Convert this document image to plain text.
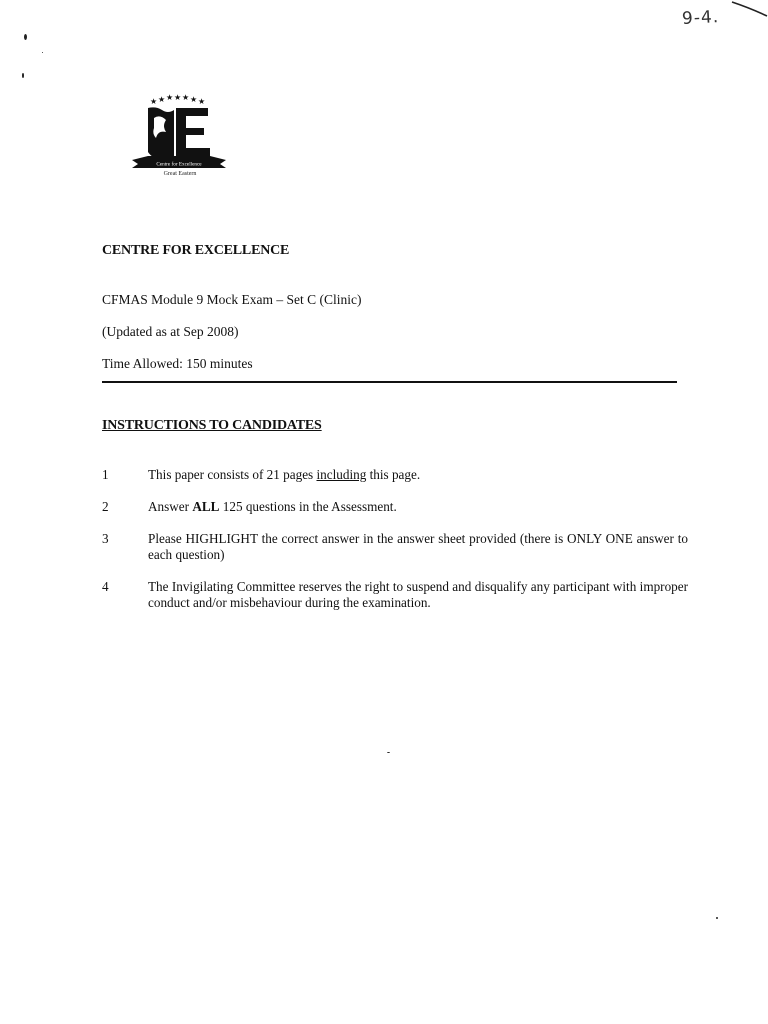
9-4.
★ ★ ★ ★ ★ ★ ★
Centre for Excellence
Great Eastern
CENTRE FOR EXCELLENCE
CFMAS Module 9 Mock Exam – Set C (Clinic)
(Updated as at Sep 2008)
Time Allowed: 150 minutes
INSTRUCTIONS TO CANDIDATES
1	This paper consists of 21 pages including this page.
2	Answer ALL 125 questions in the Assessment.
3	Please HIGHLIGHT the correct answer in the answer sheet provided (there is ONLY ONE answer to each question)
4	The Invigilating Committee reserves the right to suspend and disqualify any participant with improper conduct and/or misbehaviour during the examination.
